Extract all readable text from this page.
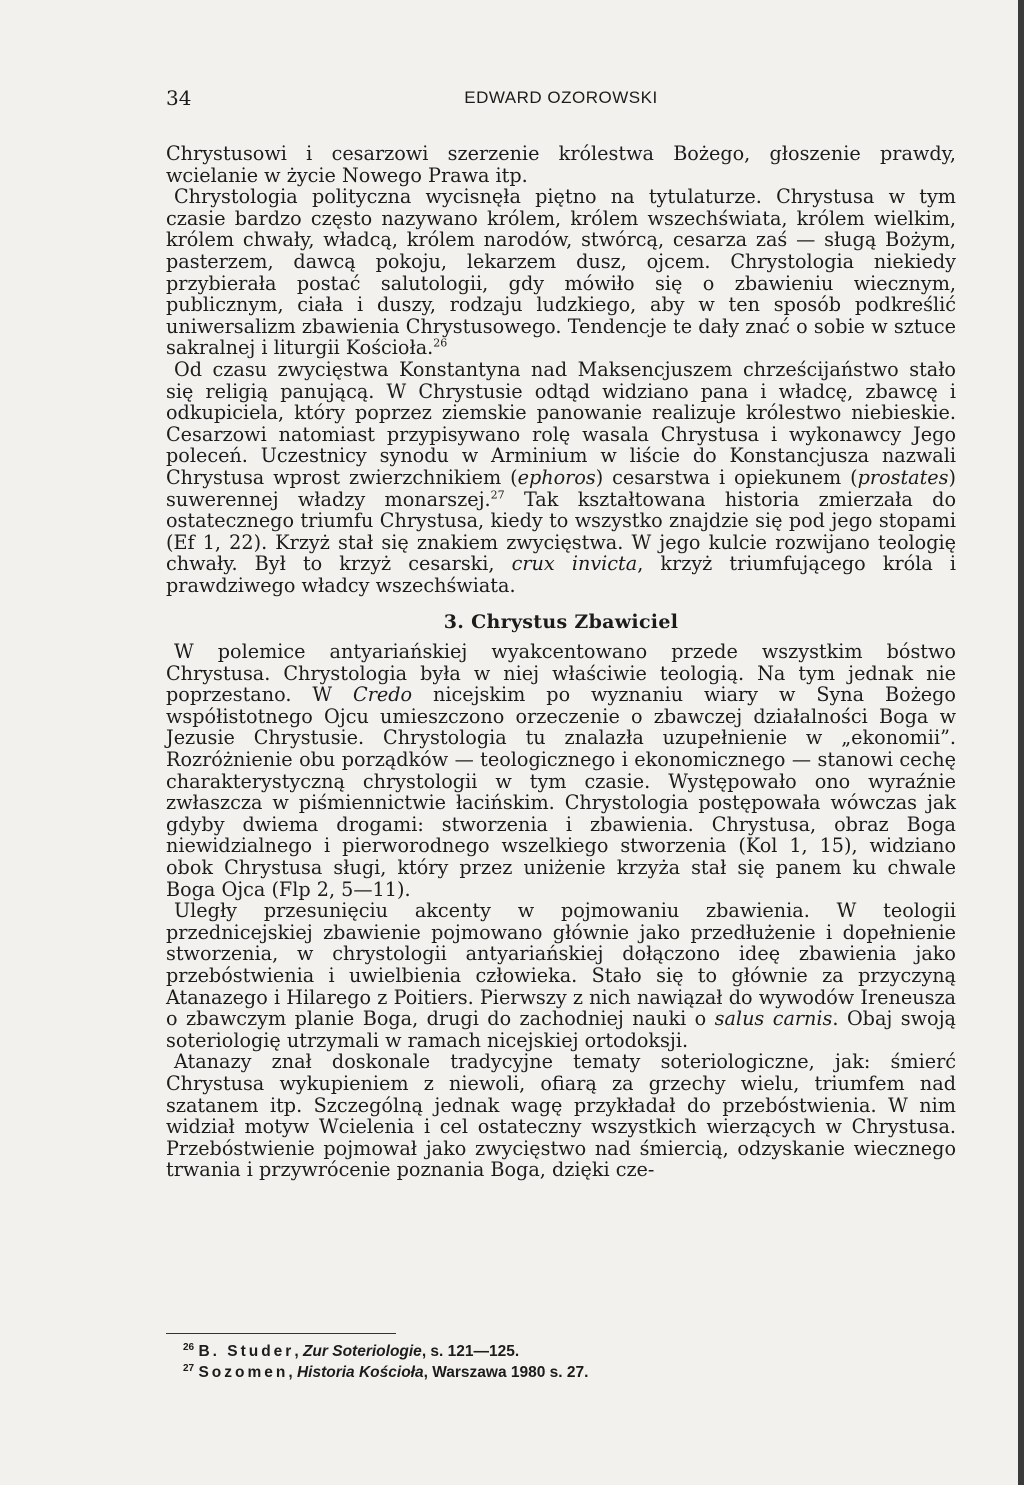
34	EDWARD OZOROWSKI

Chrystusowi i cesarzowi szerzenie królestwa Bożego, głoszenie prawdy, wcielanie w życie Nowego Prawa itp.

Chrystologia polityczna wycisnęła piętno na tytulaturze. Chrystusa w tym czasie bardzo często nazywano królem, królem wszechświata, królem wielkim, królem chwały, władcą, królem narodów, stwórcą, cesarza zaś — sługą Bożym, pasterzem, dawcą pokoju, lekarzem dusz, ojcem. Chrystologia niekiedy przybierała postać salutologii, gdy mówiło się o zbawieniu wiecznym, publicznym, ciała i duszy, rodzaju ludzkiego, aby w ten sposób podkreślić uniwersalizm zbawienia Chrystusowego. Tendencje te dały znać o sobie w sztuce sakralnej i liturgii Kościoła.$^{26}$

Od czasu zwycięstwa Konstantyna nad Maksencjuszem chrześcijaństwo stało się religią panującą. W Chrystusie odtąd widziano pana i władcę, zbawcę i odkupiciela, który poprzez ziemskie panowanie realizuje królestwo niebieskie. Cesarzowi natomiast przypisywano rolę wasala Chrystusa i wykonawcy Jego poleceń. Uczestnicy synodu w Arminium w liście do Konstancjusza nazwali Chrystusa wprost zwierzchnikiem (ephoros) cesarstwa i opiekunem (prostates) suwerennej władzy monarszej.$^{27}$ Tak kształtowana historia zmierzała do ostatecznego triumfu Chrystusa, kiedy to wszystko znajdzie się pod jego stopami (Ef 1, 22). Krzyż stał się znakiem zwycięstwa. W jego kulcie rozwijano teologię chwały. Był to krzyż cesarski, crux invicta, krzyż triumfującego króla i prawdziwego władcy wszechświata.

3. Chrystus Zbawiciel

W polemice antyariańskiej wyakcentowano przede wszystkim bóstwo Chrystusa. Chrystologia była w niej właściwie teologią. Na tym jednak nie poprzestano. W Credo nicejskim po wyznaniu wiary w Syna Bożego współistotnego Ojcu umieszczono orzeczenie o zbawczej działalności Boga w Jezusie Chrystusie. Chrystologia tu znalazła uzupełnienie w „ekonomii”. Rozróżnienie obu porządków — teologicznego i ekonomicznego — stanowi cechę charakterystyczną chrystologii w tym czasie. Występowało ono wyraźnie zwłaszcza w piśmiennictwie łacińskim. Chrystologia postępowała wówczas jak gdyby dwiema drogami: stworzenia i zbawienia. Chrystusa, obraz Boga niewidzialnego i pierworodnego wszelkiego stworzenia (Kol 1, 15), widziano obok Chrystusa sługi, który przez uniżenie krzyża stał się panem ku chwale Boga Ojca (Flp 2, 5—11).

Uległy przesunięciu akcenty w pojmowaniu zbawienia. W teologii przednicejskiej zbawienie pojmowano głównie jako przedłużenie i dopełnienie stworzenia, w chrystologii antyariańskiej dołączono ideę zbawienia jako przebóstwienia i uwielbienia człowieka. Stało się to głównie za przyczyną Atanazego i Hilarego z Poitiers. Pierwszy z nich nawiązał do wywodów Ireneusza o zbawczym planie Boga, drugi do zachodniej nauki o salus carnis. Obaj swoją soteriologię utrzymali w ramach nicejskiej ortodoksji.

Atanazy znał doskonale tradycyjne tematy soteriologiczne, jak: śmierć Chrystusa wykupieniem z niewoli, ofiarą za grzechy wielu, triumfem nad szatanem itp. Szczególną jednak wagę przykładał do przebóstwienia. W nim widział motyw Wcielenia i cel ostateczny wszystkich wierzących w Chrystusa. Przebóstwienie pojmował jako zwycięstwo nad śmiercią, odzyskanie wiecznego trwania i przywrócenie poznania Boga, dzięki cze-

$^{26}$ B. Studer, Zur Soteriologie, s. 121—125.
$^{27}$ Sozomen, Historia Kościoła, Warszawa 1980 s. 27.
